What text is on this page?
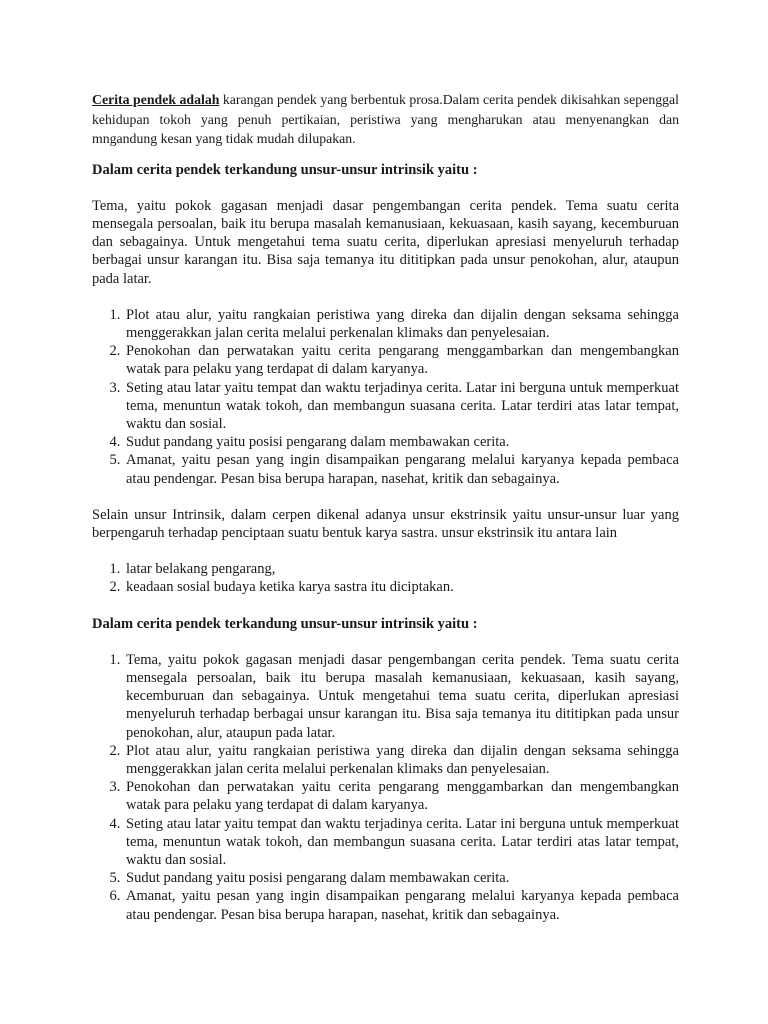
Cerita pendek adalah karangan pendek yang berbentuk prosa.Dalam cerita pendek dikisahkan sepenggal kehidupan tokoh yang penuh pertikaian, peristiwa yang mengharukan atau menyenangkan dan mngandung kesan yang tidak mudah dilupakan.

Dalam cerita pendek terkandung unsur-unsur intrinsik yaitu :

Tema, yaitu pokok gagasan menjadi dasar pengembangan cerita pendek. Tema suatu cerita mensegala persoalan, baik itu berupa masalah kemanusiaan, kekuasaan, kasih sayang, kecemburuan dan sebagainya. Untuk mengetahui tema suatu cerita, diperlukan apresiasi menyeluruh terhadap berbagai unsur karangan itu. Bisa saja temanya itu dititipkan pada unsur penokohan, alur, ataupun pada latar.

1. Plot atau alur, yaitu rangkaian peristiwa yang direka dan dijalin dengan seksama sehingga menggerakkan jalan cerita melalui perkenalan klimaks dan penyelesaian.
2. Penokohan dan perwatakan yaitu cerita pengarang menggambarkan dan mengembangkan watak para pelaku yang terdapat di dalam karyanya.
3. Seting atau latar yaitu tempat dan waktu terjadinya cerita. Latar ini berguna untuk memperkuat tema, menuntun watak tokoh, dan membangun suasana cerita. Latar terdiri atas latar tempat, waktu dan sosial.
4. Sudut pandang yaitu posisi pengarang dalam membawakan cerita.
5. Amanat, yaitu pesan yang ingin disampaikan pengarang melalui karyanya kepada pembaca atau pendengar. Pesan bisa berupa harapan, nasehat, kritik dan sebagainya.

Selain unsur Intrinsik, dalam cerpen dikenal adanya unsur ekstrinsik yaitu unsur-unsur luar yang berpengaruh terhadap penciptaan suatu bentuk karya sastra. unsur ekstrinsik itu antara lain

1. latar belakang pengarang,
2. keadaan sosial budaya ketika karya sastra itu diciptakan.

Dalam cerita pendek terkandung unsur-unsur intrinsik yaitu :

1. Tema, yaitu pokok gagasan menjadi dasar pengembangan cerita pendek. Tema suatu cerita mensegala persoalan, baik itu berupa masalah kemanusiaan, kekuasaan, kasih sayang, kecemburuan dan sebagainya. Untuk mengetahui tema suatu cerita, diperlukan apresiasi menyeluruh terhadap berbagai unsur karangan itu. Bisa saja temanya itu dititipkan pada unsur penokohan, alur, ataupun pada latar.
2. Plot atau alur, yaitu rangkaian peristiwa yang direka dan dijalin dengan seksama sehingga menggerakkan jalan cerita melalui perkenalan klimaks dan penyelesaian.
3. Penokohan dan perwatakan yaitu cerita pengarang menggambarkan dan mengembangkan watak para pelaku yang terdapat di dalam karyanya.
4. Seting atau latar yaitu tempat dan waktu terjadinya cerita. Latar ini berguna untuk memperkuat tema, menuntun watak tokoh, dan membangun suasana cerita. Latar terdiri atas latar tempat, waktu dan sosial.
5. Sudut pandang yaitu posisi pengarang dalam membawakan cerita.
6. Amanat, yaitu pesan yang ingin disampaikan pengarang melalui karyanya kepada pembaca atau pendengar. Pesan bisa berupa harapan, nasehat, kritik dan sebagainya.
